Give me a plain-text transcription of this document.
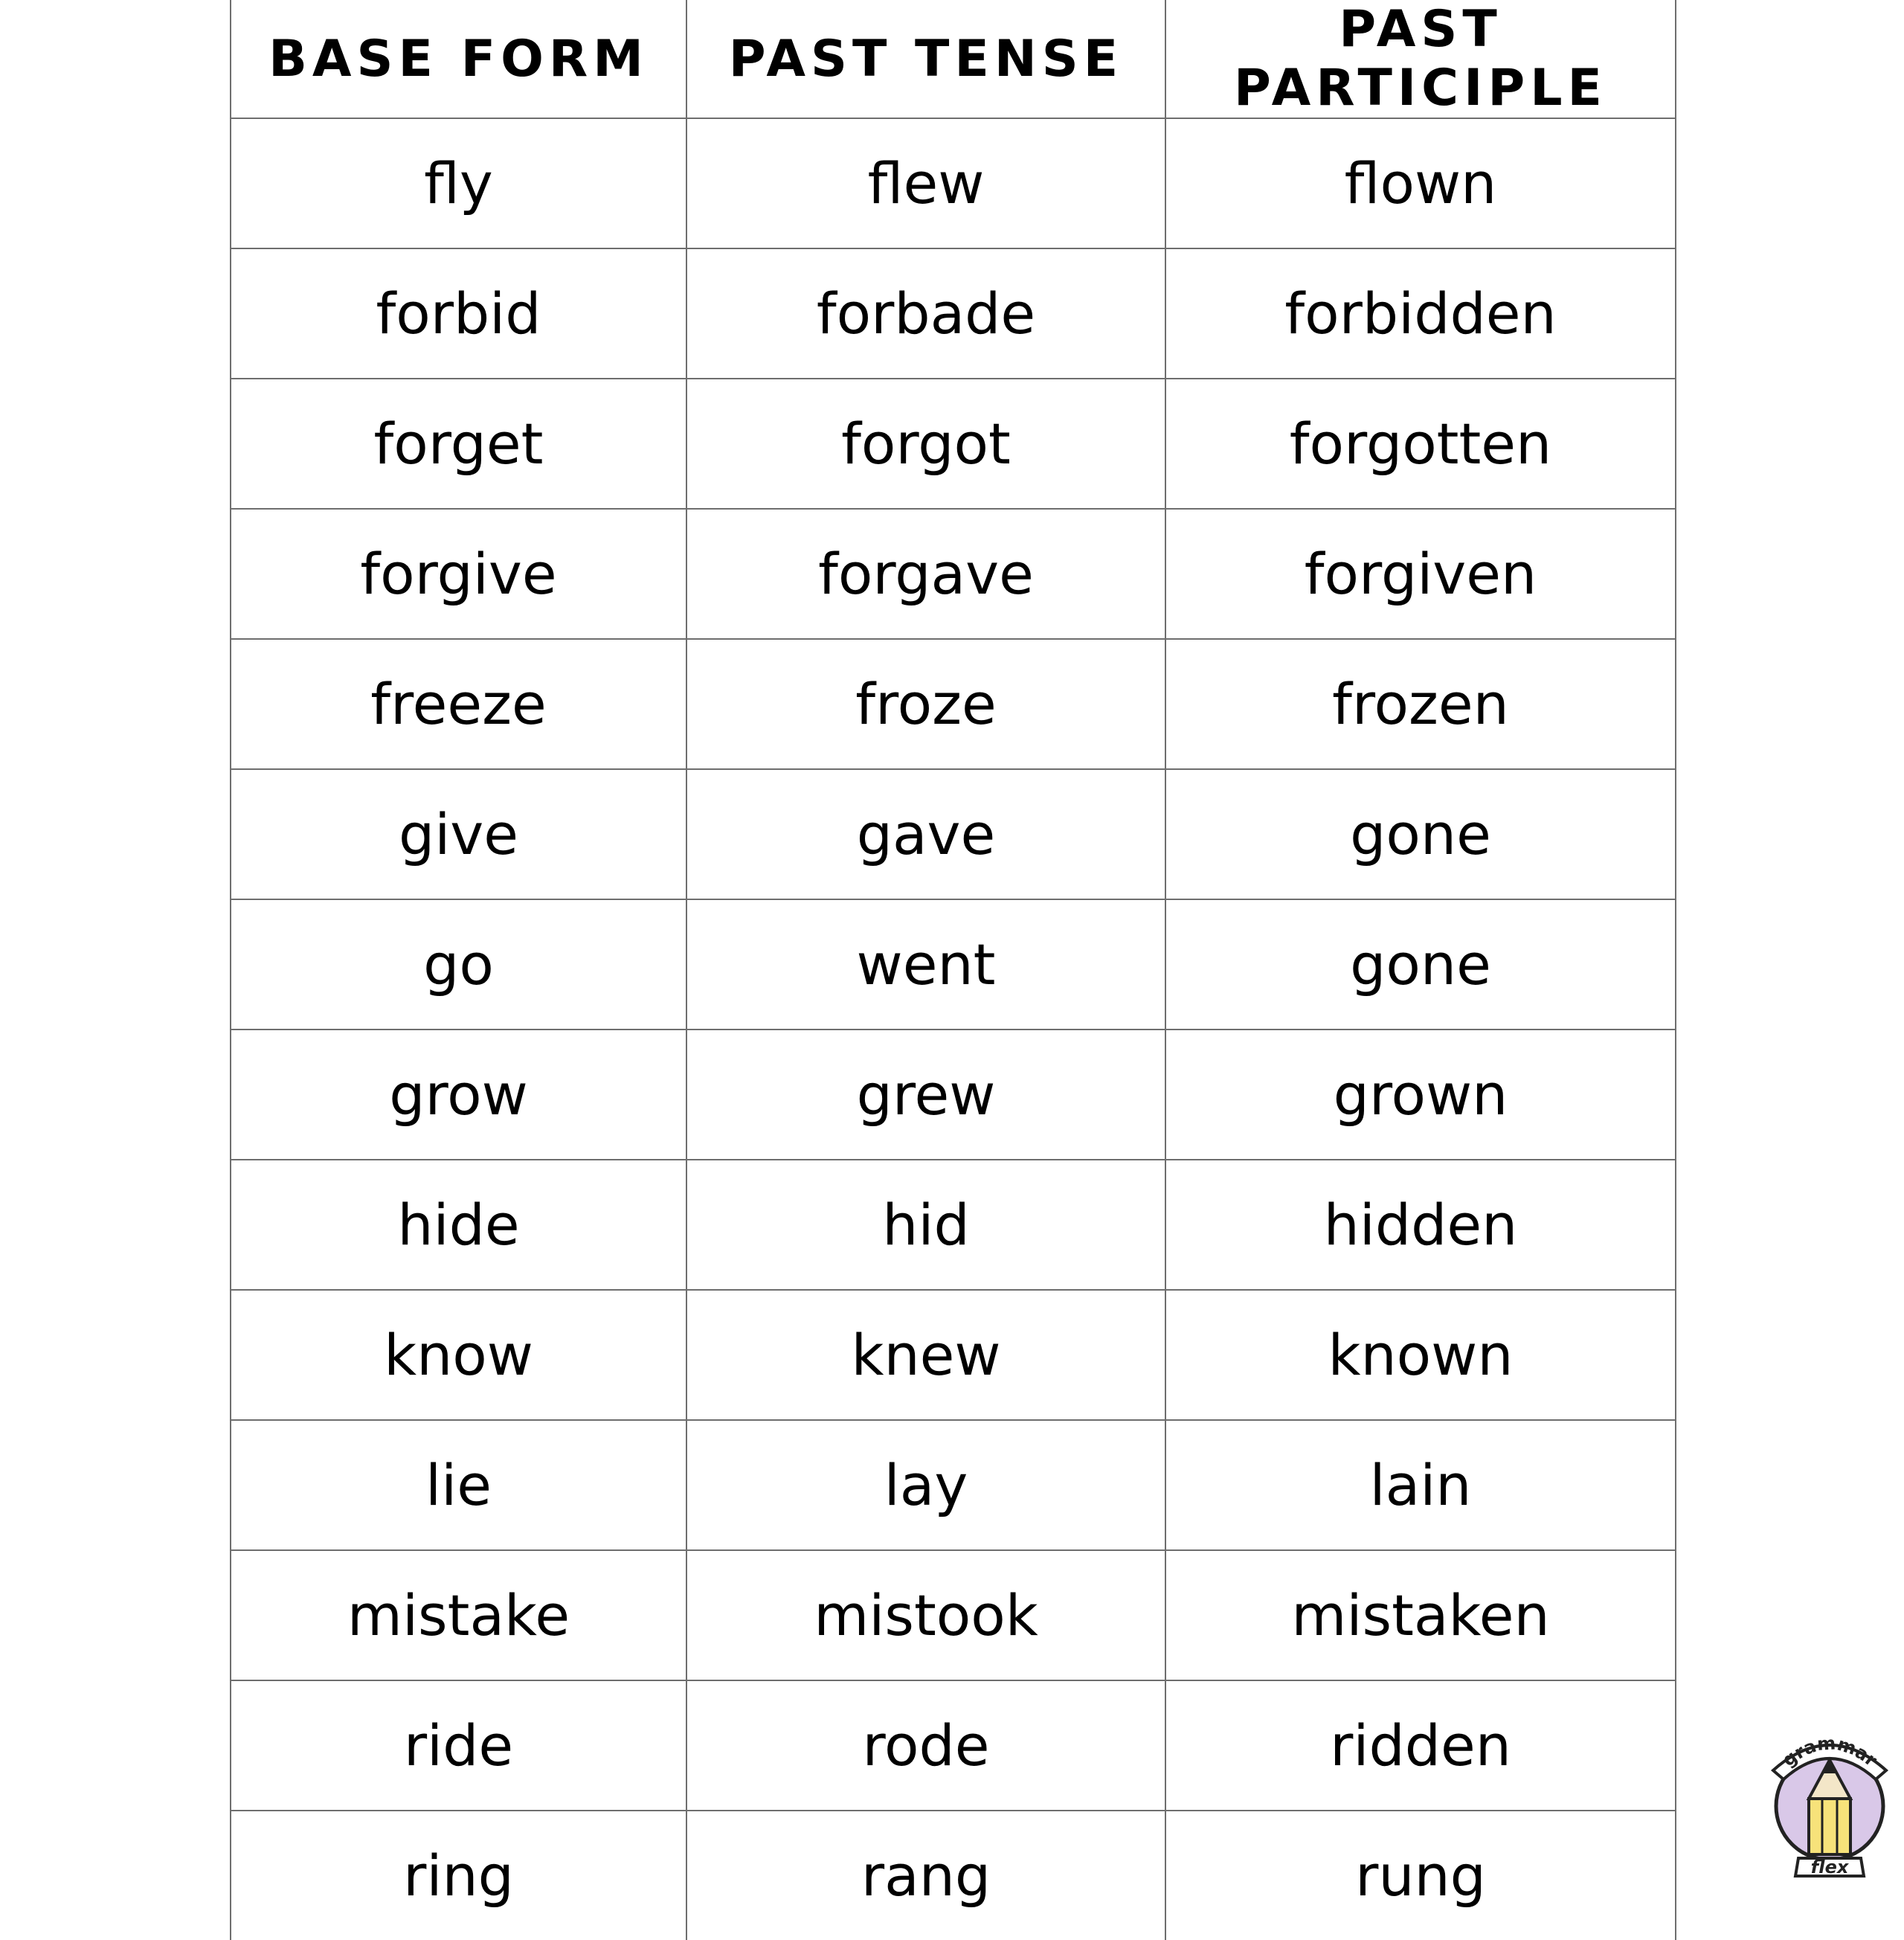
BASE FORM	PAST TENSE	PAST PARTICIPLE
fly	flew	flown
forbid	forbade	forbidden
forget	forgot	forgotten
forgive	forgave	forgiven
freeze	froze	frozen
give	gave	gone
go	went	gone
grow	grew	grown
hide	hid	hidden
know	knew	known
lie	lay	lain
mistake	mistook	mistaken
ride	rode	ridden
ring	rang	rung
grammar
flex
